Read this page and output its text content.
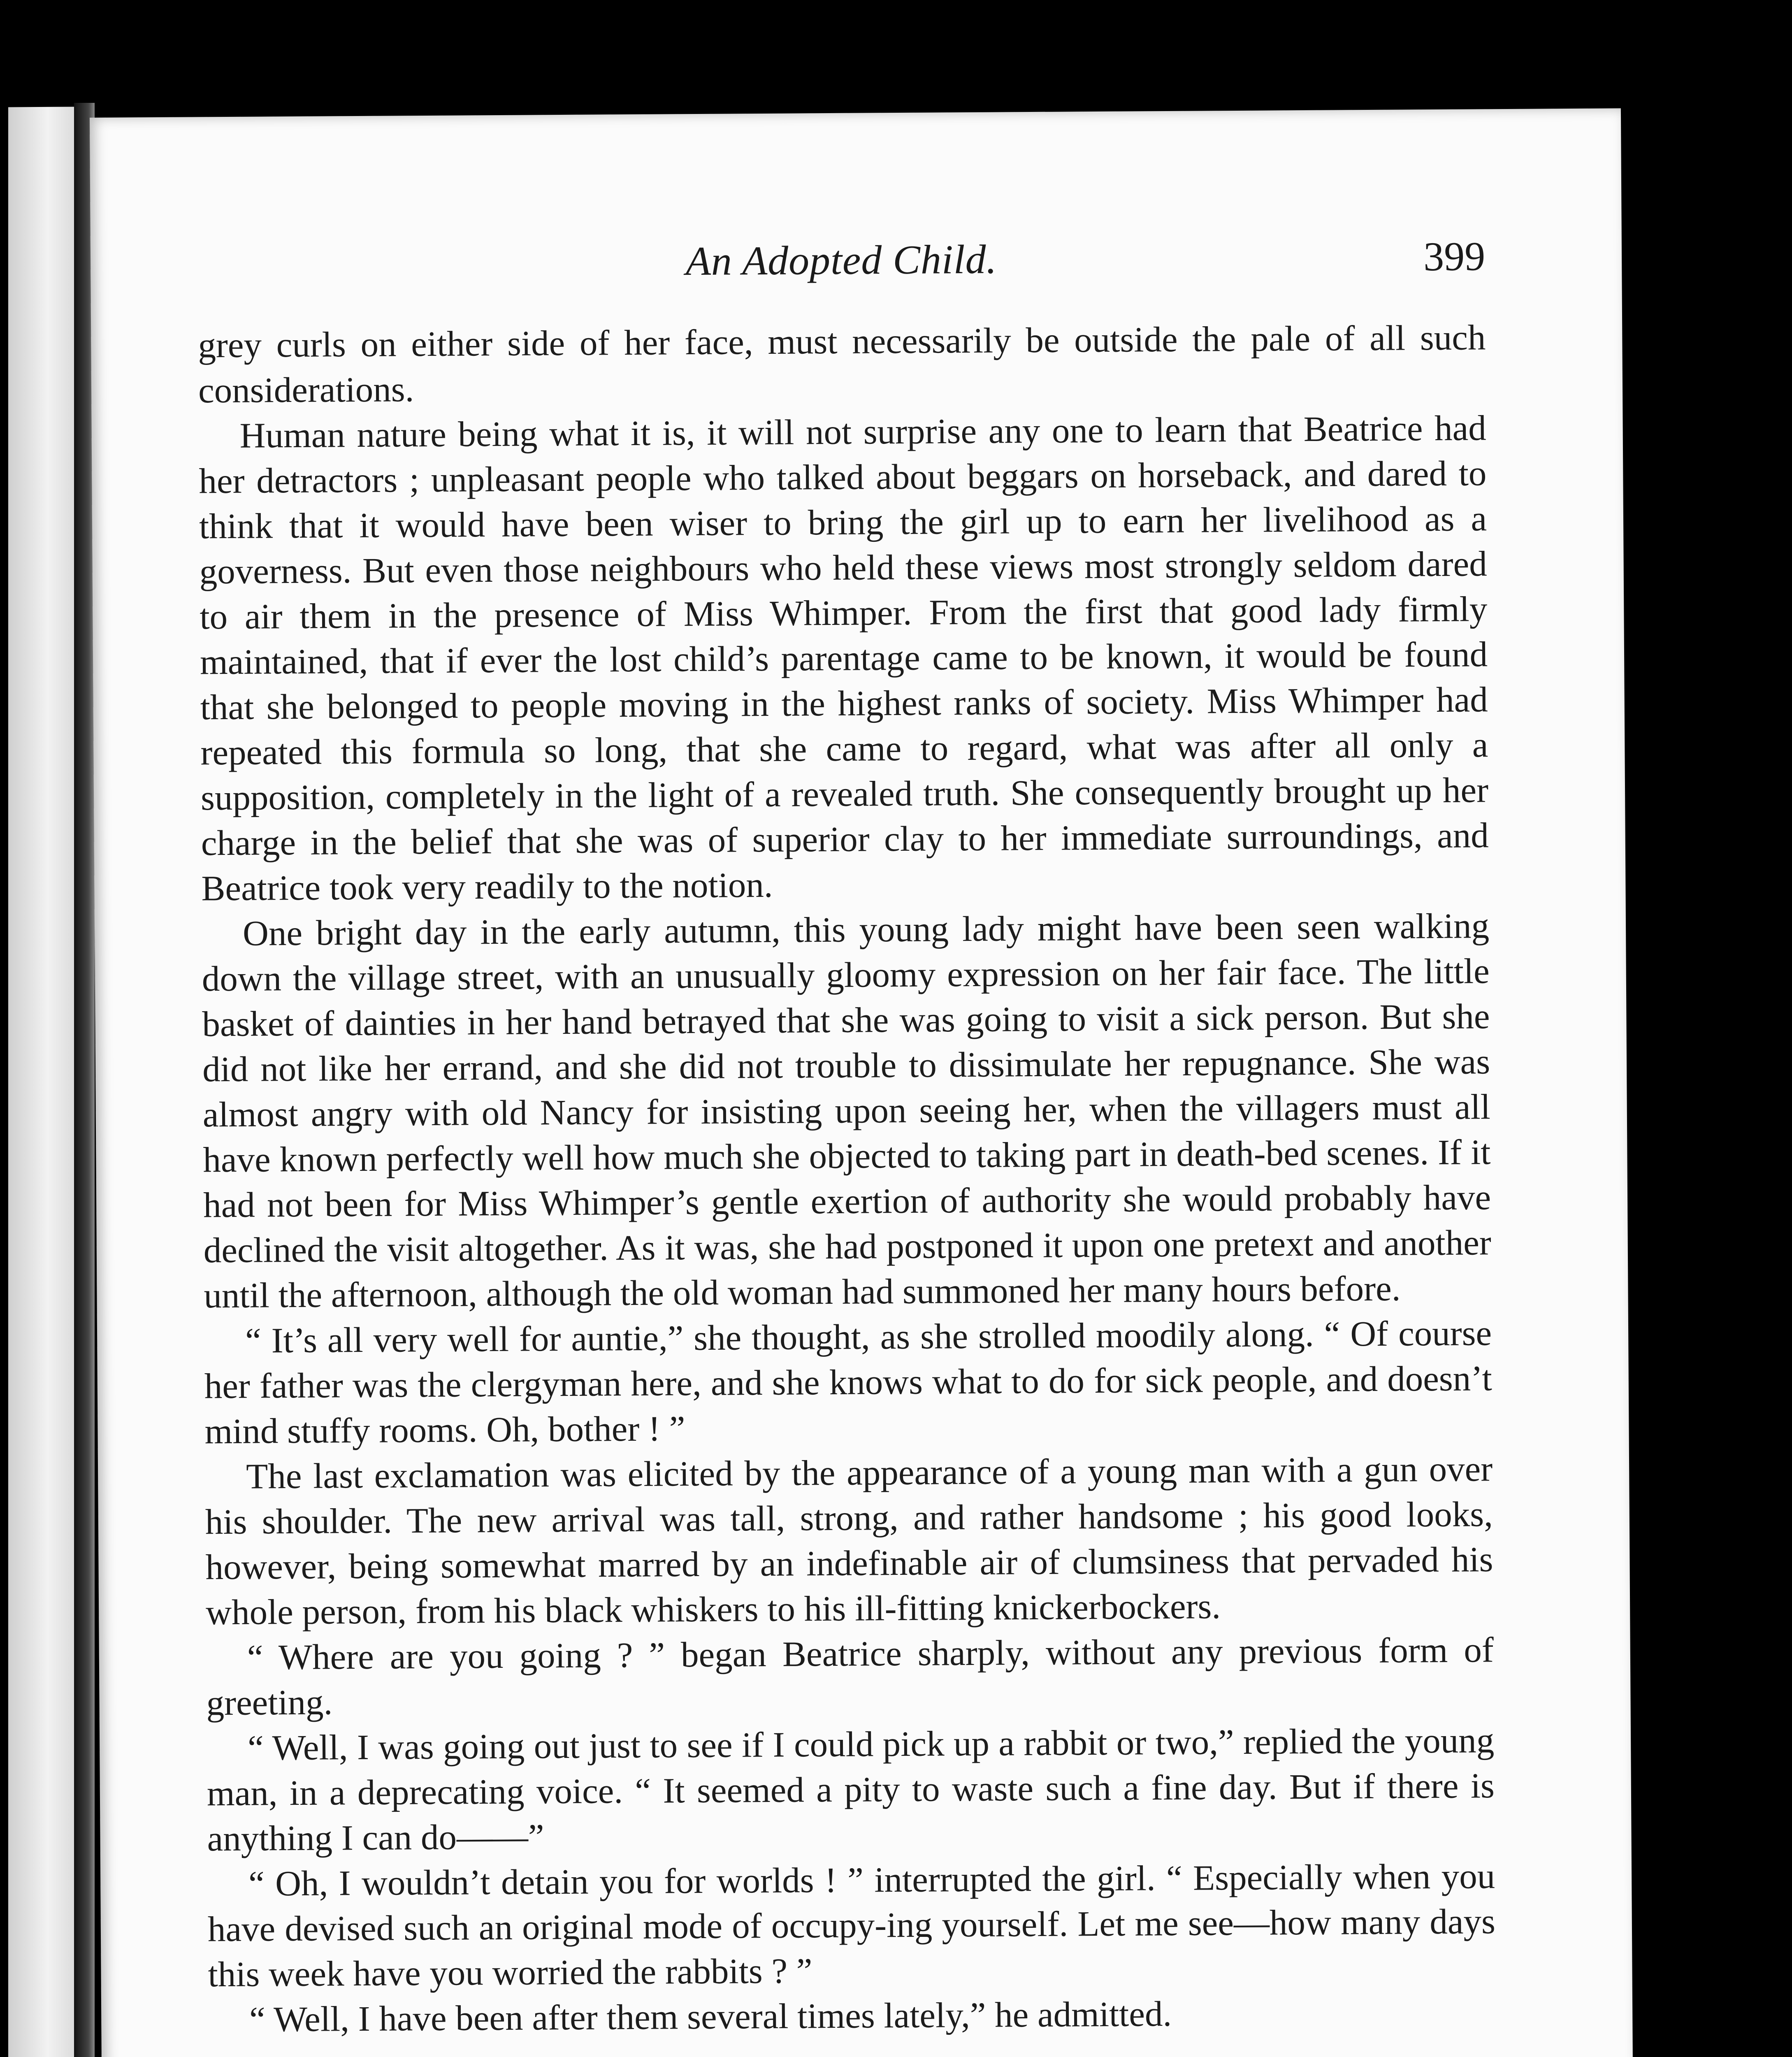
An Adopted Child.	399

grey curls on either side of her face, must necessarily be outside the pale of all such considerations.

Human nature being what it is, it will not surprise any one to learn that Beatrice had her detractors ; unpleasant people who talked about beggars on horseback, and dared to think that it would have been wiser to bring the girl up to earn her livelihood as a governess. But even those neighbours who held these views most strongly seldom dared to air them in the presence of Miss Whimper. From the first that good lady firmly maintained, that if ever the lost child’s parentage came to be known, it would be found that she belonged to people moving in the highest ranks of society. Miss Whimper had repeated this formula so long, that she came to regard, what was after all only a supposition, completely in the light of a revealed truth. She consequently brought up her charge in the belief that she was of superior clay to her immediate surroundings, and Beatrice took very readily to the notion.

One bright day in the early autumn, this young lady might have been seen walking down the village street, with an unusually gloomy expression on her fair face. The little basket of dainties in her hand betrayed that she was going to visit a sick person. But she did not like her errand, and she did not trouble to dissimulate her repugnance. She was almost angry with old Nancy for insisting upon seeing her, when the villagers must all have known perfectly well how much she objected to taking part in death-bed scenes. If it had not been for Miss Whimper’s gentle exertion of authority she would probably have declined the visit altogether. As it was, she had postponed it upon one pretext and another until the afternoon, although the old woman had summoned her many hours before.

“ It’s all very well for auntie,” she thought, as she strolled moodily along. “ Of course her father was the clergyman here, and she knows what to do for sick people, and doesn’t mind stuffy rooms. Oh, bother ! ”

The last exclamation was elicited by the appearance of a young man with a gun over his shoulder. The new arrival was tall, strong, and rather handsome ; his good looks, however, being somewhat marred by an indefinable air of clumsiness that pervaded his whole person, from his black whiskers to his ill-fitting knickerbockers.

“ Where are you going ? ” began Beatrice sharply, without any previous form of greeting.

“ Well, I was going out just to see if I could pick up a rabbit or two,” replied the young man, in a deprecating voice. “ It seemed a pity to waste such a fine day. But if there is anything I can do——”

“ Oh, I wouldn’t detain you for worlds ! ” interrupted the girl. “ Especially when you have devised such an original mode of occupy-ing yourself. Let me see—how many days this week have you worried the rabbits ? ”

“ Well, I have been after them several times lately,” he admitted.
